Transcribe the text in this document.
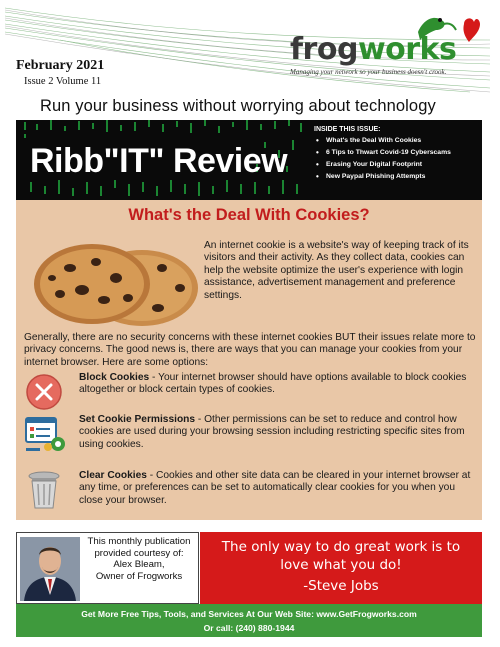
February 2021
Issue 2 Volume 11
frogworks
Managing your network so your business doesn't crook.
Run your business without worrying about technology
Ribb"IT" Review
INSIDE THIS ISSUE:
• What's the Deal With Cookies
• 6 Tips to Thwart Covid-19 Cyberscams
• Erasing Your Digital Footprint
• New Paypal Phishing Attempts
What's the Deal With Cookies?

An internet cookie is a website's way of keeping track of its visitors and their activity. As they collect data, cookies can help the website optimize the user's experience with login assistance, advertisement management and preference settings.

Generally, there are no security concerns with these internet cookies BUT their issues relate more to privacy concerns. The good news is, there are ways that you can manage your cookies from your internet browser. Here are some options:

Block Cookies - Your internet browser should have options available to block cookies altogether or block certain types of cookies.

Set Cookie Permissions - Other permissions can be set to reduce and control how cookies are used during your browsing session including restricting specific sites from using cookies.

Clear Cookies - Cookies and other site data can be cleared in your internet browser at any time, or preferences can be set to automatically clear cookies for you when you close your browser.

This monthly publication
provided courtesy of:
Alex Bleam,
Owner of Frogworks
The only way to do great work is to love what you do!
-Steve Jobs
Get More Free Tips, Tools, and Services At Our Web Site: www.GetFrogworks.com
Or call: (240) 880-1944
